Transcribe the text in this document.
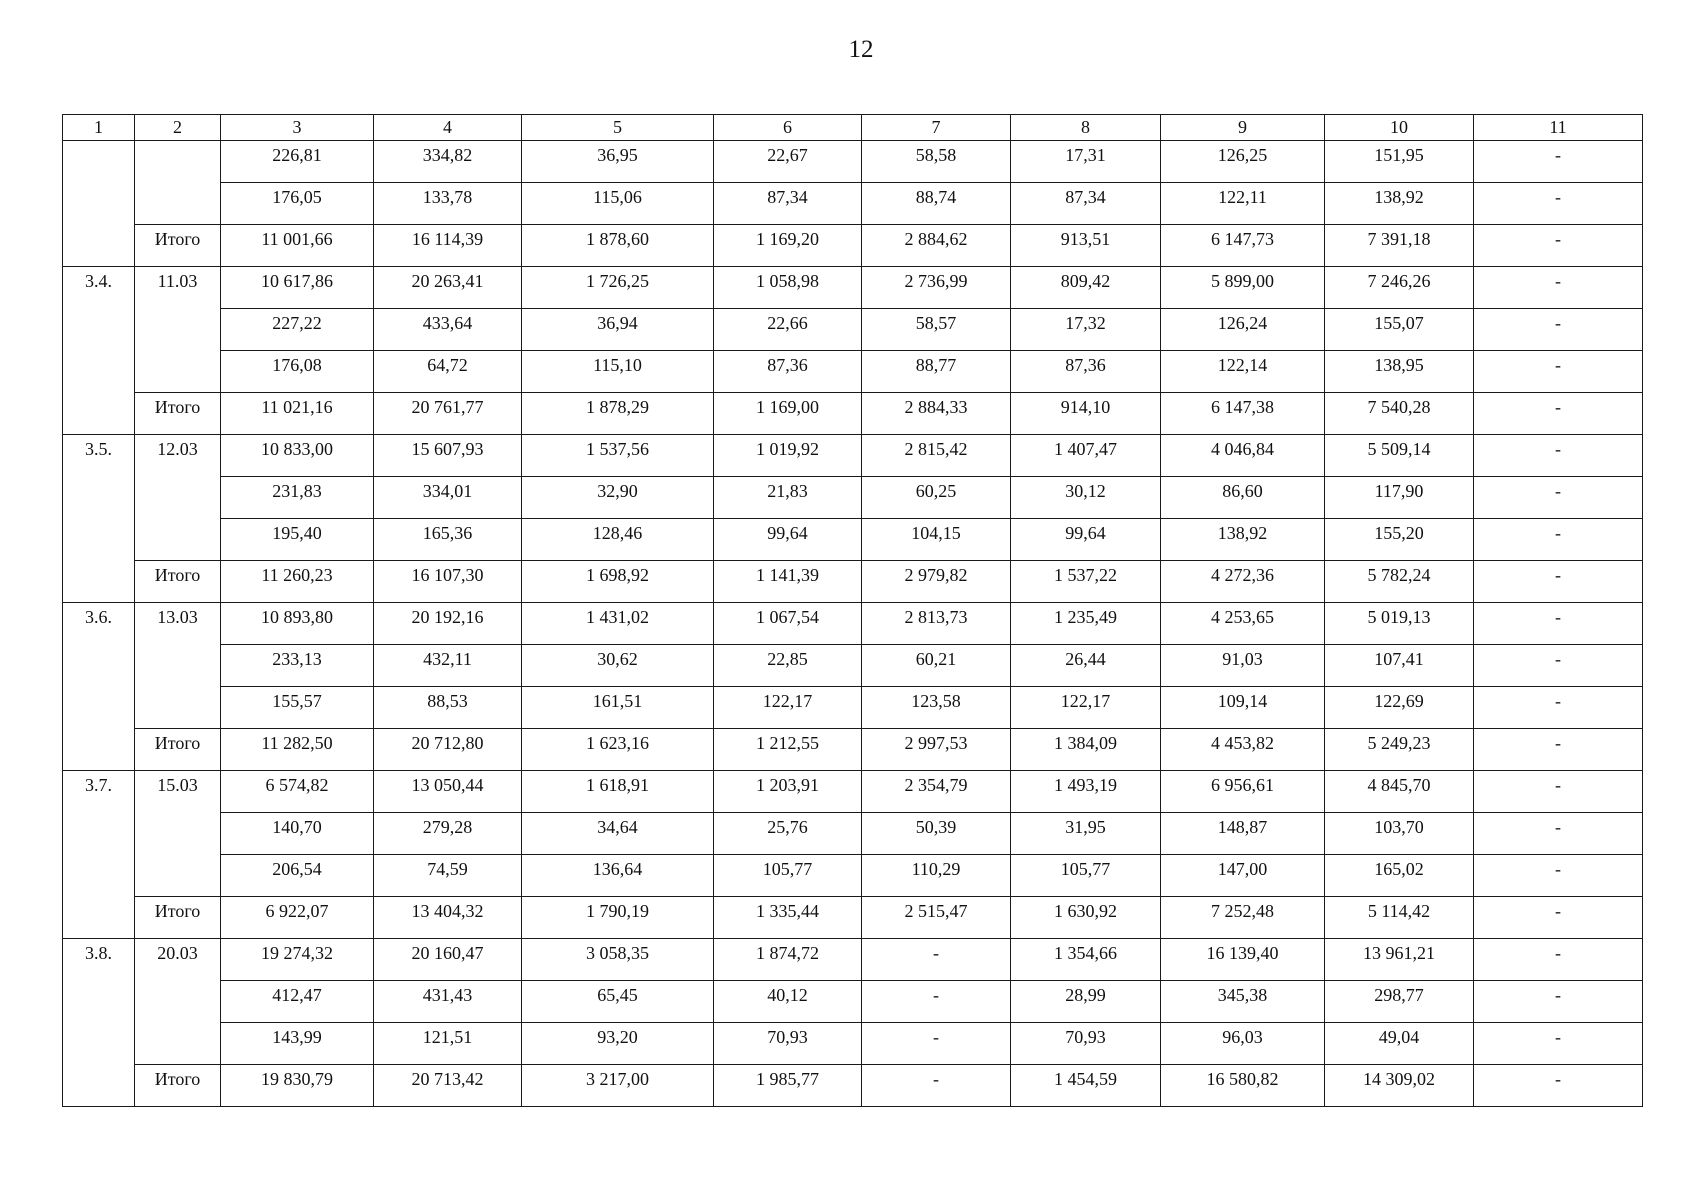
12
1	2	3	4	5	6	7	8	9	10	11
		226,81	334,82	36,95	22,67	58,58	17,31	126,25	151,95	-
		176,05	133,78	115,06	87,34	88,74	87,34	122,11	138,92	-
	Итого	11 001,66	16 114,39	1 878,60	1 169,20	2 884,62	913,51	6 147,73	7 391,18	-
3.4.	11.03	10 617,86	20 263,41	1 726,25	1 058,98	2 736,99	809,42	5 899,00	7 246,26	-
		227,22	433,64	36,94	22,66	58,57	17,32	126,24	155,07	-
		176,08	64,72	115,10	87,36	88,77	87,36	122,14	138,95	-
	Итого	11 021,16	20 761,77	1 878,29	1 169,00	2 884,33	914,10	6 147,38	7 540,28	-
3.5.	12.03	10 833,00	15 607,93	1 537,56	1 019,92	2 815,42	1 407,47	4 046,84	5 509,14	-
		231,83	334,01	32,90	21,83	60,25	30,12	86,60	117,90	-
		195,40	165,36	128,46	99,64	104,15	99,64	138,92	155,20	-
	Итого	11 260,23	16 107,30	1 698,92	1 141,39	2 979,82	1 537,22	4 272,36	5 782,24	-
3.6.	13.03	10 893,80	20 192,16	1 431,02	1 067,54	2 813,73	1 235,49	4 253,65	5 019,13	-
		233,13	432,11	30,62	22,85	60,21	26,44	91,03	107,41	-
		155,57	88,53	161,51	122,17	123,58	122,17	109,14	122,69	-
	Итого	11 282,50	20 712,80	1 623,16	1 212,55	2 997,53	1 384,09	4 453,82	5 249,23	-
3.7.	15.03	6 574,82	13 050,44	1 618,91	1 203,91	2 354,79	1 493,19	6 956,61	4 845,70	-
		140,70	279,28	34,64	25,76	50,39	31,95	148,87	103,70	-
		206,54	74,59	136,64	105,77	110,29	105,77	147,00	165,02	-
	Итого	6 922,07	13 404,32	1 790,19	1 335,44	2 515,47	1 630,92	7 252,48	5 114,42	-
3.8.	20.03	19 274,32	20 160,47	3 058,35	1 874,72	-	1 354,66	16 139,40	13 961,21	-
		412,47	431,43	65,45	40,12	-	28,99	345,38	298,77	-
		143,99	121,51	93,20	70,93	-	70,93	96,03	49,04	-
	Итого	19 830,79	20 713,42	3 217,00	1 985,77	-	1 454,59	16 580,82	14 309,02	-
